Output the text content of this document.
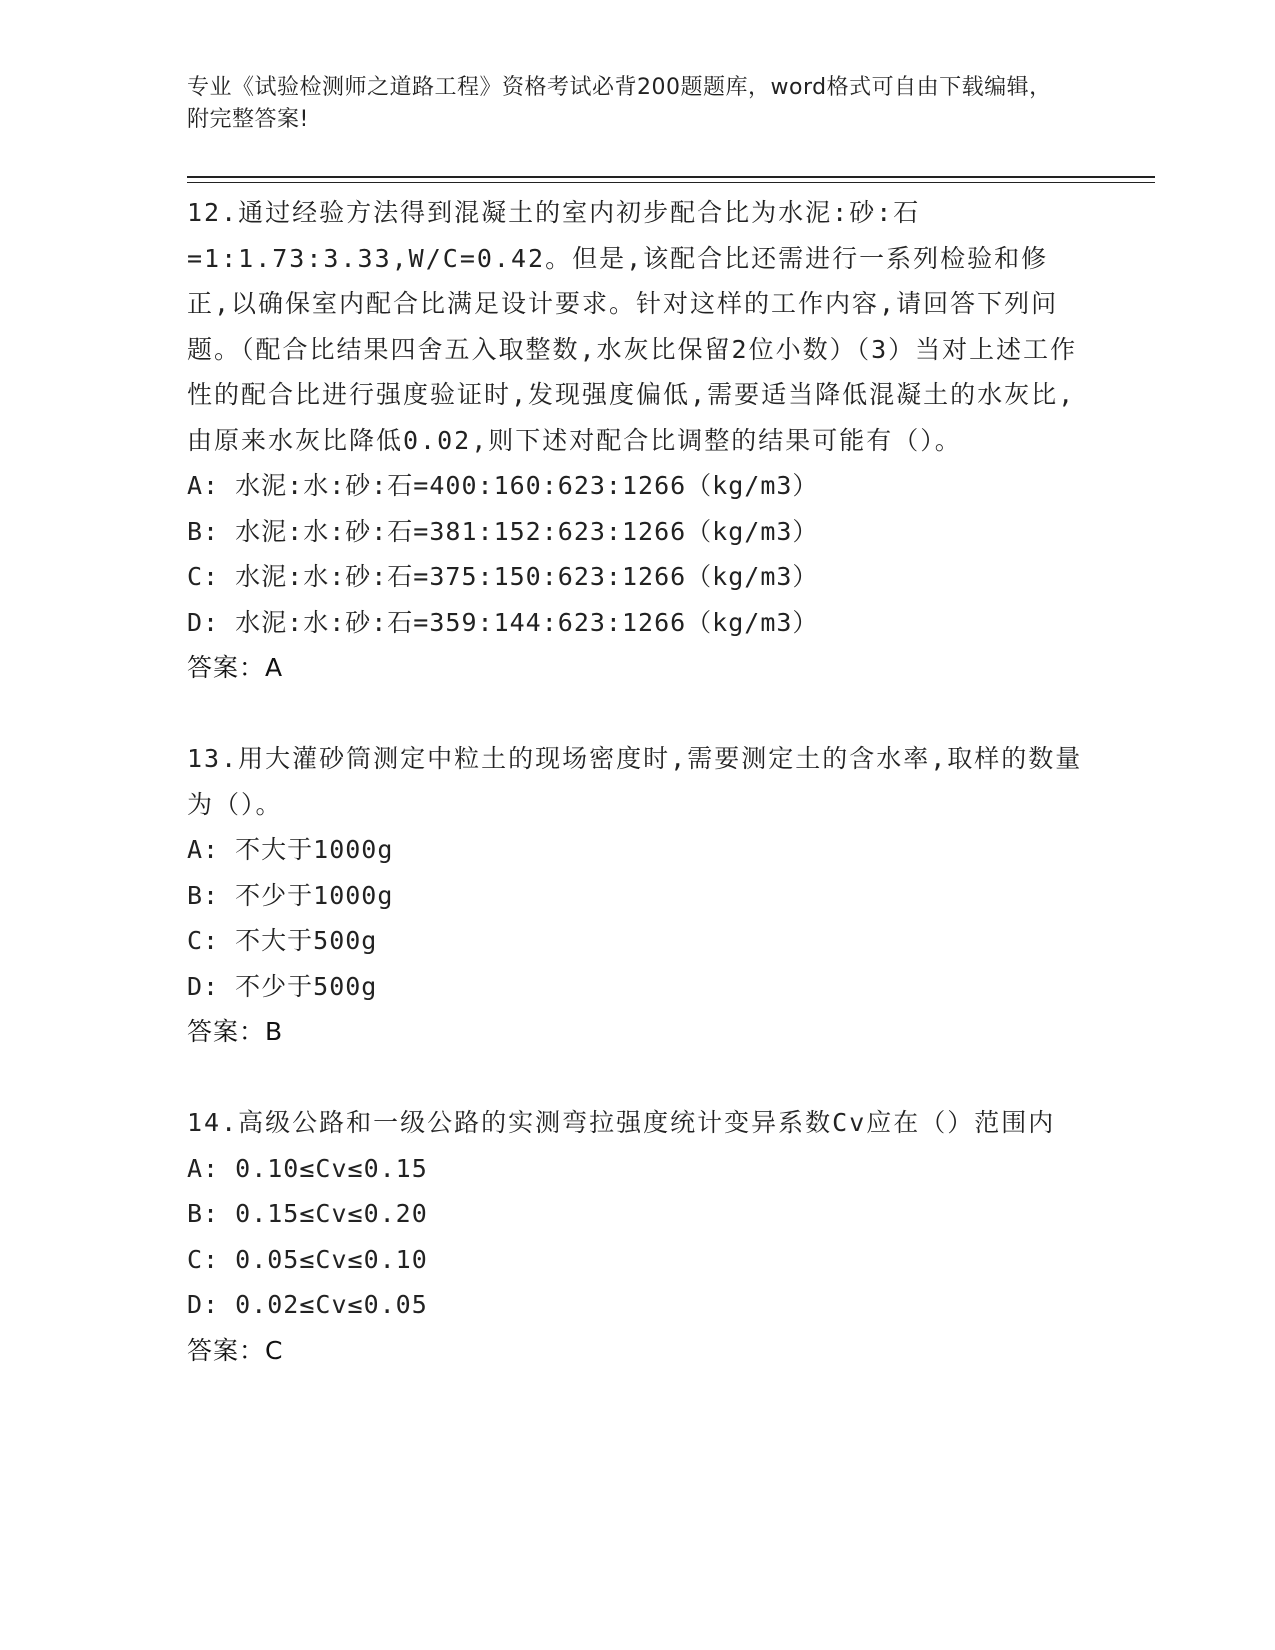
专业《试验检测师之道路工程》资格考试必背200题题库，word格式可自由下载编辑，附完整答案!
12.通过经验方法得到混凝土的室内初步配合比为水泥:砂:石=1:1.73:3.33,W/C=0.42。但是,该配合比还需进行一系列检验和修正,以确保室内配合比满足设计要求。针对这样的工作内容,请回答下列问题。（配合比结果四舍五入取整数,水灰比保留2位小数）（3）当对上述工作性的配合比进行强度验证时,发现强度偏低,需要适当降低混凝土的水灰比,由原来水灰比降低0.02,则下述对配合比调整的结果可能有（）。
A: 水泥:水:砂:石=400:160:623:1266（kg/m3）
B: 水泥:水:砂:石=381:152:623:1266（kg/m3）
C: 水泥:水:砂:石=375:150:623:1266（kg/m3）
D: 水泥:水:砂:石=359:144:623:1266（kg/m3）
答案：A
13.用大灌砂筒测定中粒土的现场密度时,需要测定土的含水率,取样的数量为（）。
A: 不大于1000g
B: 不少于1000g
C: 不大于500g
D: 不少于500g
答案：B
14.高级公路和一级公路的实测弯拉强度统计变异系数Cv应在（）范围内
A: 0.10≤Cv≤0.15
B: 0.15≤Cv≤0.20
C: 0.05≤Cv≤0.10
D: 0.02≤Cv≤0.05
答案：C
